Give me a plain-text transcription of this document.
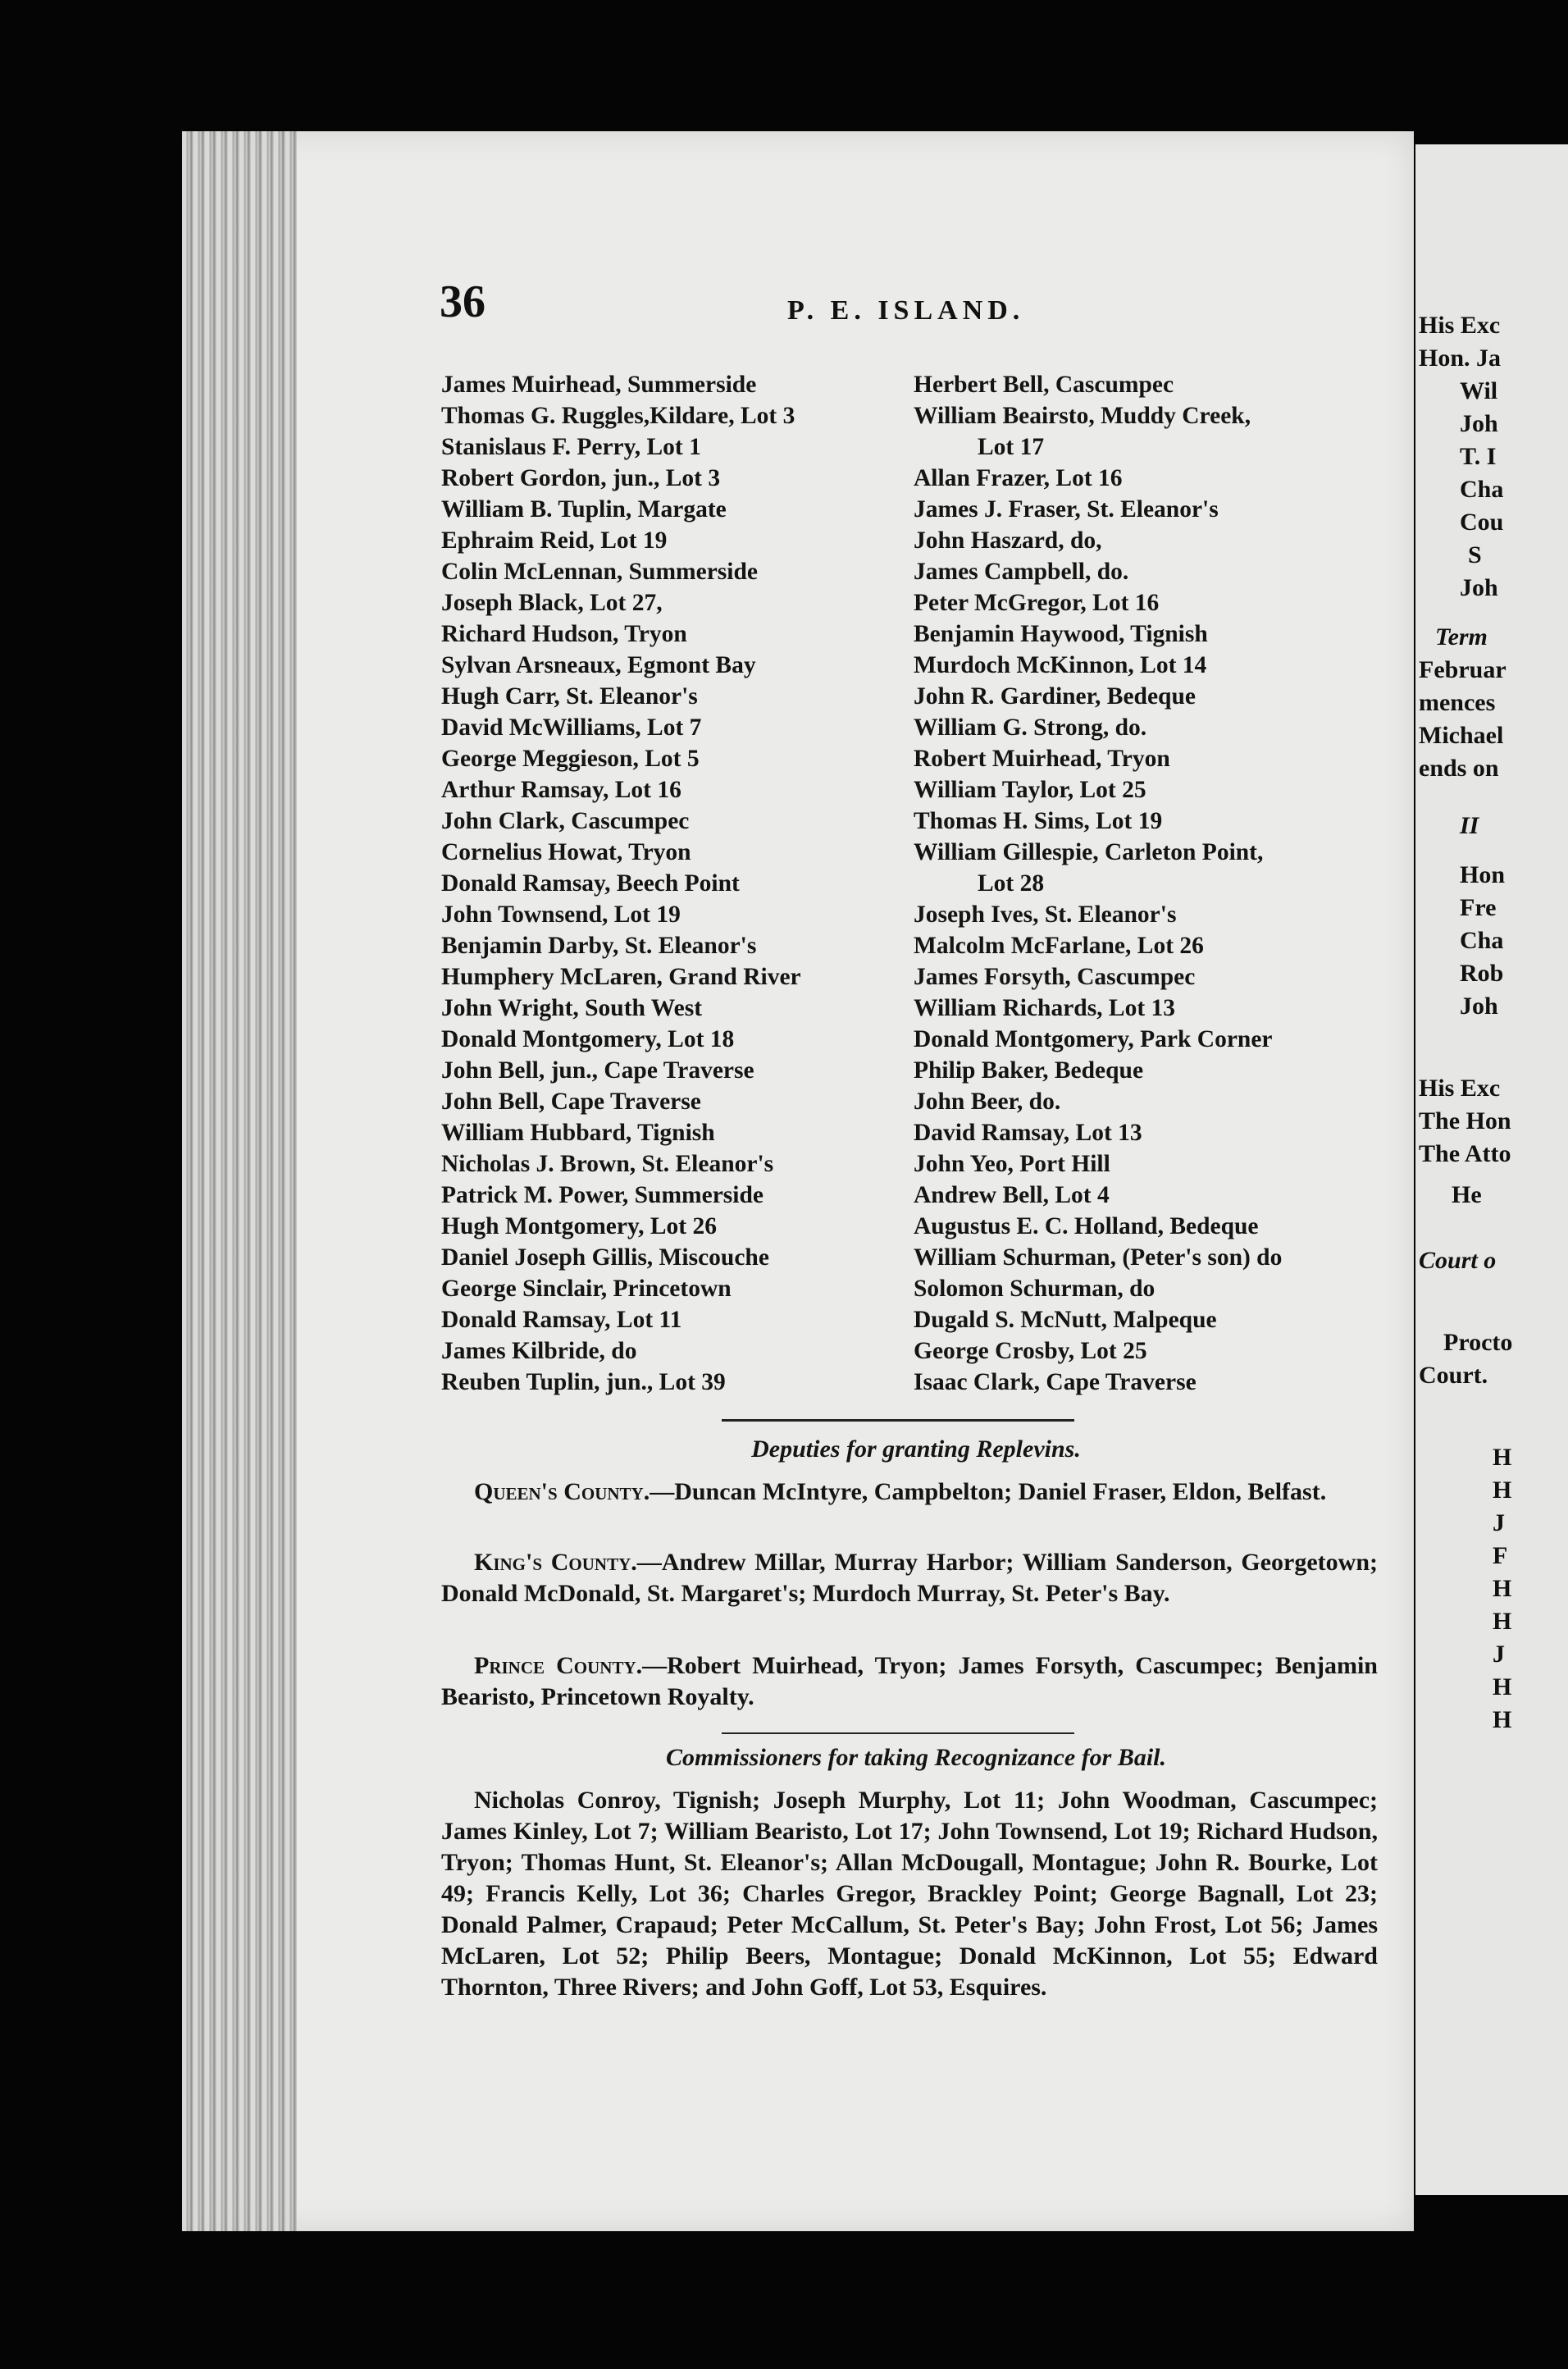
His Exc
Hon. Ja
Wil
Joh
T. I
Cha
Cou
S
Joh
Term
Februar
mences
Michael
ends on
II
Hon
Fre
Cha
Rob
Joh
His Exc
The Hon
The Atto
He
Court o
Procto
Court.
H
H
J
F
H
H
J
H
H
36	P. E. ISLAND.
James Muirhead, Summerside
Thomas G. Ruggles,Kildare, Lot 3
Stanislaus F. Perry, Lot 1
Robert Gordon, jun., Lot 3
William B. Tuplin, Margate
Ephraim Reid, Lot 19
Colin McLennan, Summerside
Joseph Black, Lot 27,
Richard Hudson, Tryon
Sylvan Arsneaux, Egmont Bay
Hugh Carr, St. Eleanor's
David McWilliams, Lot 7
George Meggieson, Lot 5
Arthur Ramsay, Lot 16
John Clark, Cascumpec
Cornelius Howat, Tryon
Donald Ramsay, Beech Point
John Townsend, Lot 19
Benjamin Darby, St. Eleanor's
Humphery McLaren, Grand River
John Wright, South West
Donald Montgomery, Lot 18
John Bell, jun., Cape Traverse
John Bell, Cape Traverse
William Hubbard, Tignish
Nicholas J. Brown, St. Eleanor's
Patrick M. Power, Summerside
Hugh Montgomery, Lot 26
Daniel Joseph Gillis, Miscouche
George Sinclair, Princetown
Donald Ramsay, Lot 11
James Kilbride, do
Reuben Tuplin, jun., Lot 39
Herbert Bell, Cascumpec
William Beairsto, Muddy Creek,
Lot 17
Allan Frazer, Lot 16
James J. Fraser, St. Eleanor's
John Haszard, do,
James Campbell, do.
Peter McGregor, Lot 16
Benjamin Haywood, Tignish
Murdoch McKinnon, Lot 14
John R. Gardiner, Bedeque
William G. Strong, do.
Robert Muirhead, Tryon
William Taylor, Lot 25
Thomas H. Sims, Lot 19
William Gillespie, Carleton Point,
Lot 28
Joseph Ives, St. Eleanor's
Malcolm McFarlane, Lot 26
James Forsyth, Cascumpec
William Richards, Lot 13
Donald Montgomery, Park Corner
Philip Baker, Bedeque
John Beer, do.
David Ramsay, Lot 13
John Yeo, Port Hill
Andrew Bell, Lot 4
Augustus E. C. Holland, Bedeque
William Schurman, (Peter's son) do
Solomon Schurman, do
Dugald S. McNutt, Malpeque
George Crosby, Lot 25
Isaac Clark, Cape Traverse
Deputies for granting Replevins.
Queen's County.—Duncan McIntyre, Campbelton; Daniel Fraser, Eldon, Belfast.
King's County.—Andrew Millar, Murray Harbor; William Sanderson, Georgetown; Donald McDonald, St. Margaret's; Murdoch Murray, St. Peter's Bay.
Prince County.—Robert Muirhead, Tryon; James Forsyth, Cascumpec; Benjamin Bearisto, Princetown Royalty.
Commissioners for taking Recognizance for Bail.
Nicholas Conroy, Tignish; Joseph Murphy, Lot 11; John Woodman, Cascumpec; James Kinley, Lot 7; William Bearisto, Lot 17; John Townsend, Lot 19; Richard Hudson, Tryon; Thomas Hunt, St. Eleanor's; Allan McDougall, Montague; John R. Bourke, Lot 49; Francis Kelly, Lot 36; Charles Gregor, Brackley Point; George Bagnall, Lot 23; Donald Palmer, Crapaud; Peter McCallum, St. Peter's Bay; John Frost, Lot 56; James McLaren, Lot 52; Philip Beers, Montague; Donald McKinnon, Lot 55; Edward Thornton, Three Rivers; and John Goff, Lot 53, Esquires.
